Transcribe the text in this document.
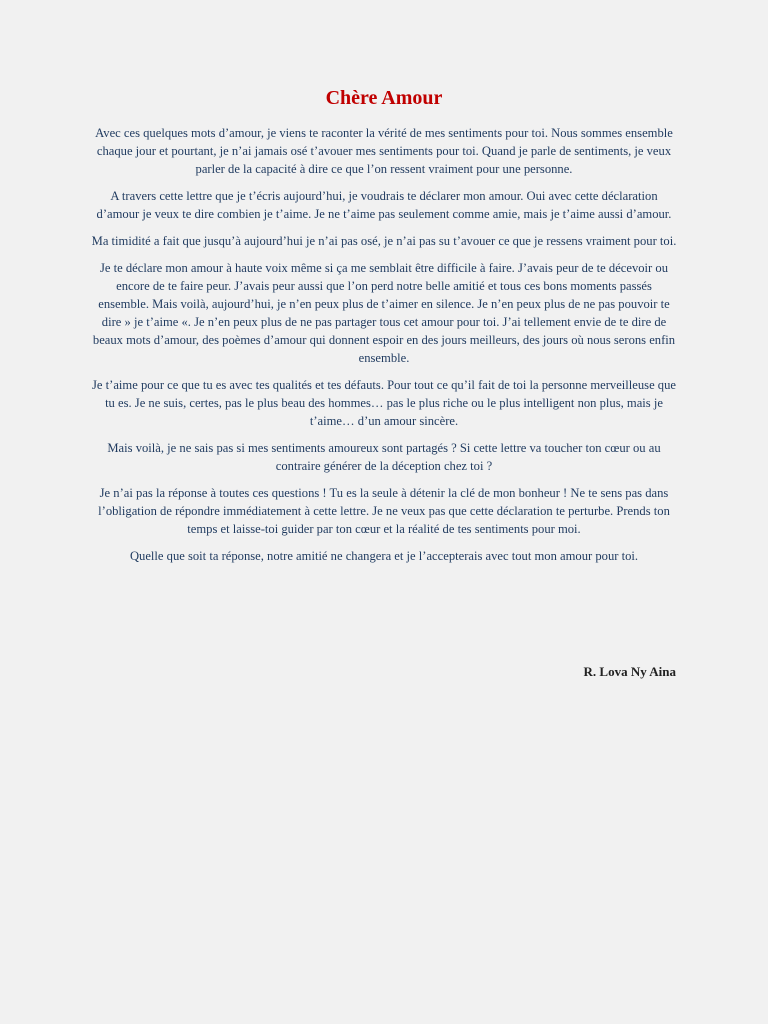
Chère Amour

Avec ces quelques mots d’amour, je viens te raconter la vérité de mes sentiments pour toi. Nous sommes ensemble chaque jour et pourtant, je n’ai jamais osé t’avouer mes sentiments pour toi. Quand je parle de sentiments, je veux parler de la capacité à dire ce que l’on ressent vraiment pour une personne.

A travers cette lettre que je t’écris aujourd’hui, je voudrais te déclarer mon amour. Oui avec cette déclaration d’amour je veux te dire combien je t’aime. Je ne t’aime pas seulement comme amie, mais je t’aime aussi d’amour.

Ma timidité a fait que jusqu’à aujourd’hui je n’ai pas osé, je n’ai pas su t’avouer ce que je ressens vraiment pour toi.

Je te déclare mon amour à haute voix même si ça me semblait être difficile à faire. J’avais peur de te décevoir ou encore de te faire peur. J’avais peur aussi que l’on perd notre belle amitié et tous ces bons moments passés ensemble. Mais voilà, aujourd’hui, je n’en peux plus de t’aimer en silence. Je n’en peux plus de ne pas pouvoir te dire » je t’aime «. Je n’en peux plus de ne pas partager tous cet amour pour toi. J’ai tellement envie de te dire de beaux mots d’amour, des poèmes d’amour qui donnent espoir en des jours meilleurs, des jours où nous serons enfin ensemble.

Je t’aime pour ce que tu es avec tes qualités et tes défauts. Pour tout ce qu’il fait de toi la personne merveilleuse que tu es. Je ne suis, certes, pas le plus beau des hommes… pas le plus riche ou le plus intelligent non plus, mais je t’aime… d’un amour sincère.

Mais voilà, je ne sais pas si mes sentiments amoureux sont partagés ? Si cette lettre va toucher ton cœur ou au contraire générer de la déception chez toi ?

Je n’ai pas la réponse à toutes ces questions ! Tu es la seule à détenir la clé de mon bonheur ! Ne te sens pas dans l’obligation de répondre immédiatement à cette lettre. Je ne veux pas que cette déclaration te perturbe. Prends ton temps et laisse-toi guider par ton cœur et la réalité de tes sentiments pour moi.

Quelle que soit ta réponse, notre amitié ne changera et je l’accepterais avec tout mon amour pour toi.

R. Lova Ny Aina
